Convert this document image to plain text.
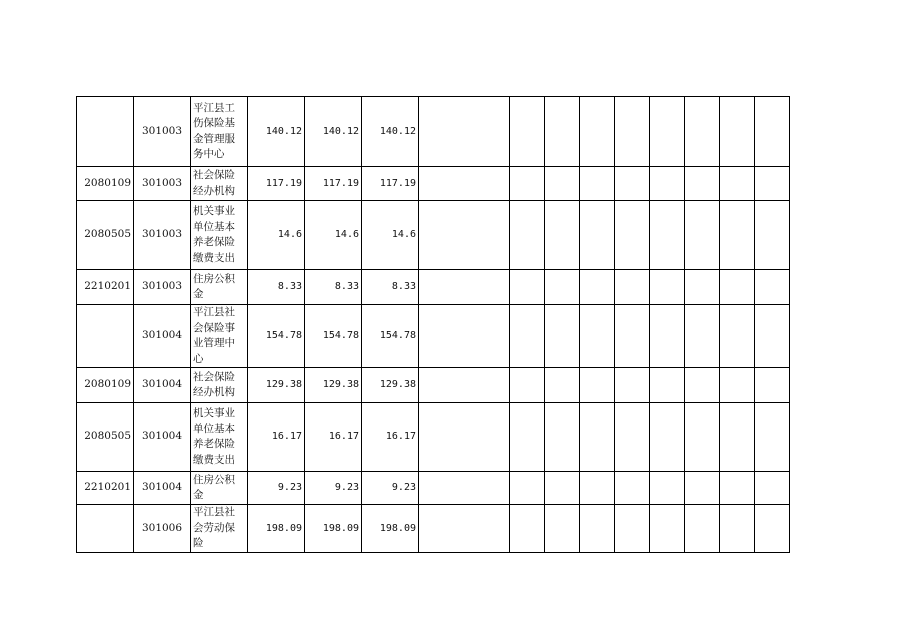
	301003	平江县工伤保险基金管理服务中心	140.12	140.12	140.12									
2080109	301003	社会保险经办机构	117.19	117.19	117.19									
2080505	301003	机关事业单位基本养老保险缴费支出	14.6	14.6	14.6									
2210201	301003	住房公积金	8.33	8.33	8.33									
	301004	平江县社会保险事业管理中心	154.78	154.78	154.78									
2080109	301004	社会保险经办机构	129.38	129.38	129.38									
2080505	301004	机关事业单位基本养老保险缴费支出	16.17	16.17	16.17									
2210201	301004	住房公积金	9.23	9.23	9.23									
	301006	平江县社会劳动保险	198.09	198.09	198.09									
